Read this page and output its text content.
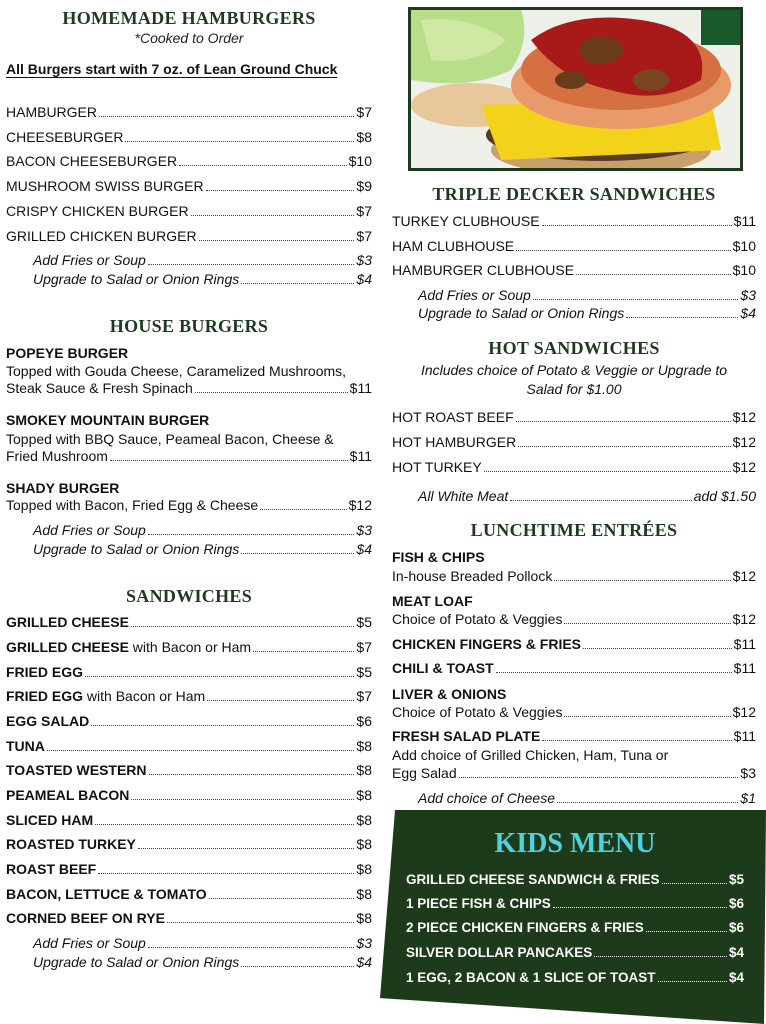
HOMEMADE HAMBURGERS
*Cooked to Order
All Burgers start with 7 oz. of Lean Ground Chuck
HAMBURGER	$7
CHEESEBURGER	$8
BACON CHEESEBURGER	$10
MUSHROOM SWISS BURGER	$9
CRISPY CHICKEN BURGER	$7
GRILLED CHICKEN BURGER	$7
Add Fries or Soup	$3
Upgrade to Salad or Onion Rings	$4
HOUSE BURGERS
POPEYE BURGER
Topped with Gouda Cheese, Caramelized Mushrooms,
Steak Sauce & Fresh Spinach	$11
SMOKEY MOUNTAIN BURGER
Topped with BBQ Sauce, Peameal Bacon, Cheese &
Fried Mushroom	$11
SHADY BURGER
Topped with Bacon, Fried Egg & Cheese	$12
Add Fries or Soup	$3
Upgrade to Salad or Onion Rings	$4
SANDWICHES
GRILLED CHEESE	$5
GRILLED CHEESE with Bacon or Ham	$7
FRIED EGG	$5
FRIED EGG with Bacon or Ham	$7
EGG SALAD	$6
TUNA	$8
TOASTED WESTERN	$8
PEAMEAL BACON	$8
SLICED HAM	$8
ROASTED TURKEY	$8
ROAST BEEF	$8
BACON, LETTUCE & TOMATO	$8
CORNED BEEF ON RYE	$8
Add Fries or Soup	$3
Upgrade to Salad or Onion Rings	$4
TRIPLE DECKER SANDWICHES
TURKEY CLUBHOUSE	$11
HAM CLUBHOUSE	$10
HAMBURGER CLUBHOUSE	$10
Add Fries or Soup	$3
Upgrade to Salad or Onion Rings	$4
HOT SANDWICHES
Includes choice of Potato & Veggie or Upgrade to
Salad for $1.00
HOT ROAST BEEF	$12
HOT HAMBURGER	$12
HOT TURKEY	$12
All White Meat	add $1.50
LUNCHTIME ENTRÉES
FISH & CHIPS
In-house Breaded Pollock	$12
MEAT LOAF
Choice of Potato & Veggies	$12
CHICKEN FINGERS & FRIES	$11
CHILI & TOAST	$11
LIVER & ONIONS
Choice of Potato & Veggies	$12
FRESH SALAD PLATE	$11
Add choice of Grilled Chicken, Ham, Tuna or
Egg Salad	$3
Add choice of Cheese	$1
KIDS MENU
GRILLED CHEESE SANDWICH & FRIES	$5
1 PIECE FISH & CHIPS	$6
2 PIECE CHICKEN FINGERS & FRIES	$6
SILVER DOLLAR PANCAKES	$4
1 EGG, 2 BACON & 1 SLICE OF TOAST	$4
